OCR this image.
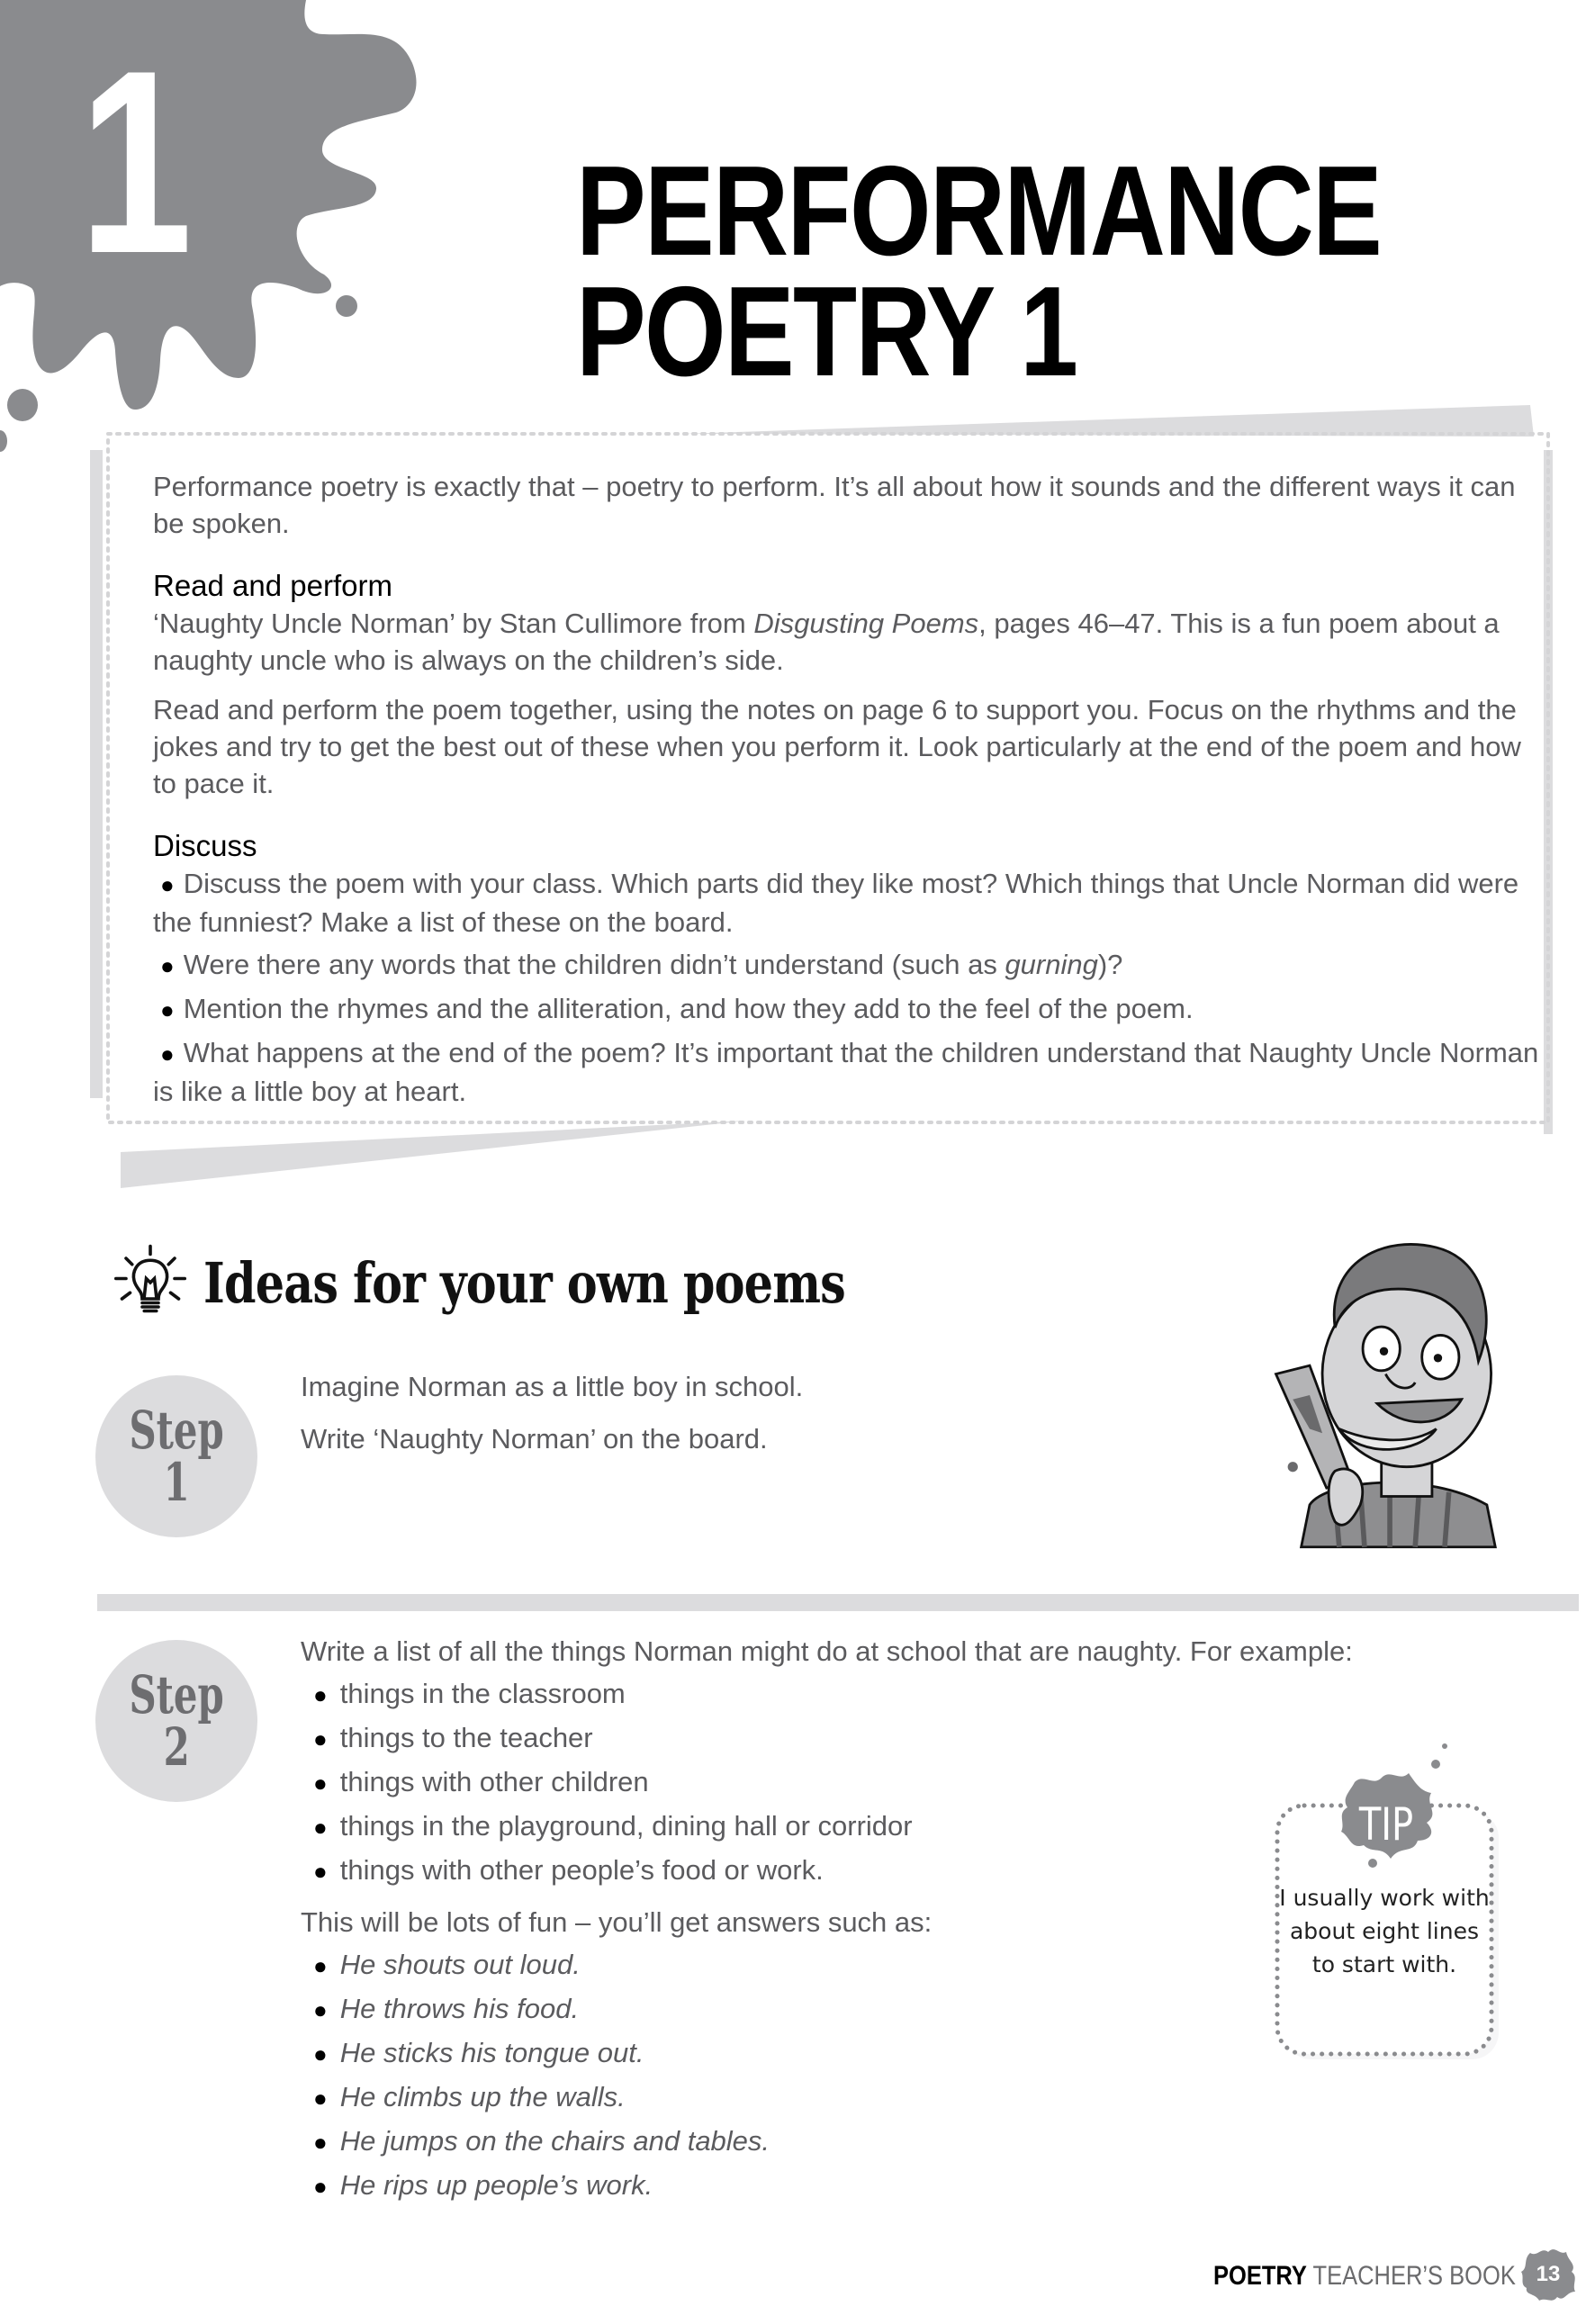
1	PERFORMANCE
POETRY 1

Performance poetry is exactly that – poetry to perform. It’s all about how it sounds and the different ways it can be spoken.

Read and perform

‘Naughty Uncle Norman’ by Stan Cullimore from Disgusting Poems, pages 46–47. This is a fun poem about a naughty uncle who is always on the children’s side.

Read and perform the poem together, using the notes on page 6 to support you. Focus on the rhythms and the jokes and try to get the best out of these when you perform it. Look particularly at the end of the poem and how to pace it.

Discuss
● Discuss the poem with your class. Which parts did they like most? Which things that Uncle Norman did were the funniest? Make a list of these on the board.
● Were there any words that the children didn’t understand (such as gurning)?
● Mention the rhymes and the alliteration, and how they add to the feel of the poem.
● What happens at the end of the poem? It’s important that the children understand that Naughty Uncle Norman is like a little boy at heart.
Ideas for your own poems
Step
1

Imagine Norman as a little boy in school.

Write ‘Naughty Norman’ on the board.

Step
2

Write a list of all the things Norman might do at school that are naughty. For example:

● things in the classroom
● things to the teacher
● things with other children
● things in the playground, dining hall or corridor
● things with other people’s food or work.

This will be lots of fun – you’ll get answers such as:

● He shouts out loud.
● He throws his food.
● He sticks his tongue out.
● He climbs up the walls.
● He jumps on the chairs and tables.
● He rips up people’s work.
TIP
I usually work with about eight lines to start with.
POETRY TEACHER’S BOOK 13
